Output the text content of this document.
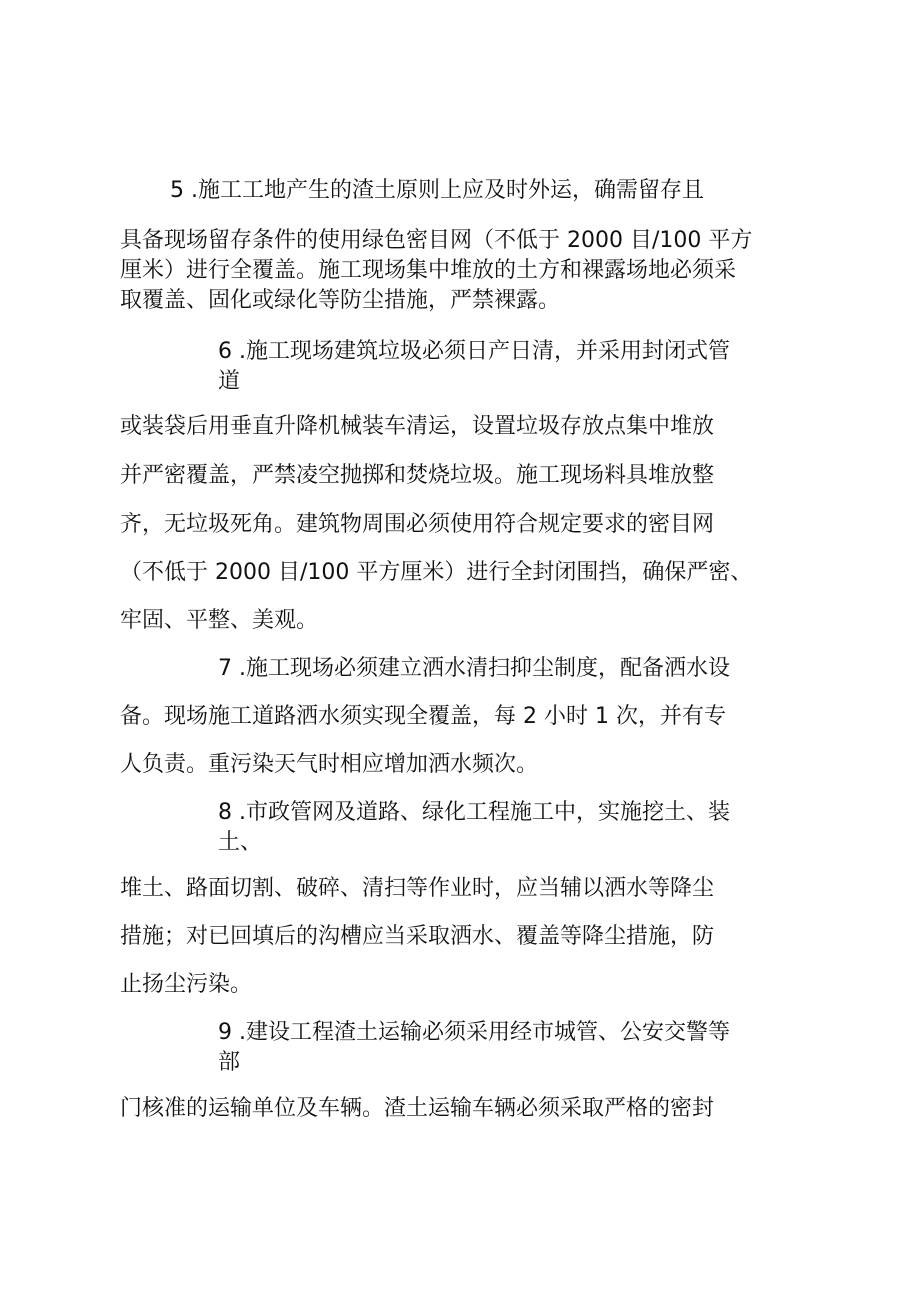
5 .施工工地产生的渣土原则上应及时外运，确需留存且
具备现场留存条件的使用绿色密目网（不低于 2000 目/100 平方
厘米）进行全覆盖。施工现场集中堆放的土方和裸露场地必须采
取覆盖、固化或绿化等防尘措施，严禁裸露。
6 .施工现场建筑垃圾必须日产日清，并采用封闭式管
道
或装袋后用垂直升降机械装车清运，设置垃圾存放点集中堆放
并严密覆盖，严禁凌空抛掷和焚烧垃圾。施工现场料具堆放整
齐，无垃圾死角。建筑物周围必须使用符合规定要求的密目网
（不低于 2000 目/100 平方厘米）进行全封闭围挡，确保严密、
牢固、平整、美观。
7 .施工现场必须建立洒水清扫抑尘制度，配备洒水设
备。现场施工道路洒水须实现全覆盖，每 2 小时 1 次，并有专
人负责。重污染天气时相应增加洒水频次。
8 .市政管网及道路、绿化工程施工中，实施挖土、装
土、
堆土、路面切割、破碎、清扫等作业时，应当辅以洒水等降尘
措施；对已回填后的沟槽应当采取洒水、覆盖等降尘措施，防
止扬尘污染。
9 .建设工程渣土运输必须采用经市城管、公安交警等
部
门核准的运输单位及车辆。渣土运输车辆必须采取严格的密封
